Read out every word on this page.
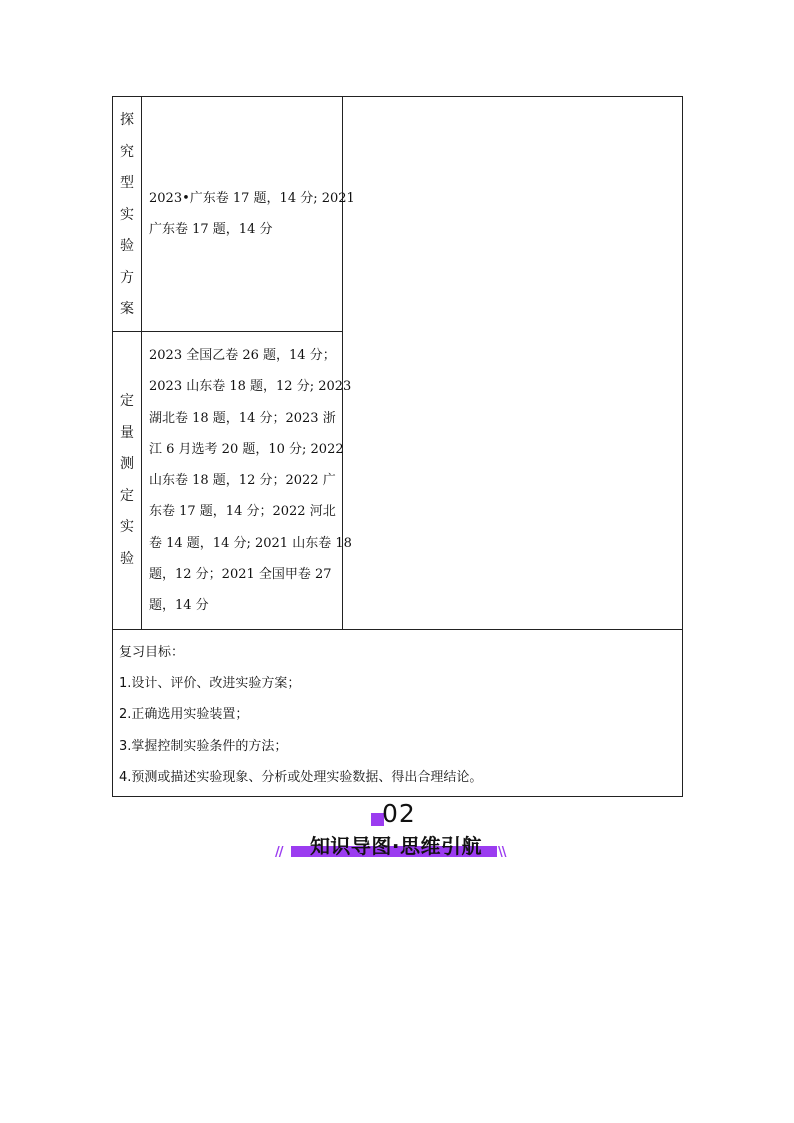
探
究
型
实
验
方
案
2023•广东卷 17 题，14 分; 2021
广东卷 17 题，14 分
定
量
测
定
实
验
2023 全国乙卷 26 题，14 分；
2023 山东卷 18 题，12 分; 2023
湖北卷 18 题，14 分；2023 浙
江 6 月选考 20 题，10 分; 2022
山东卷 18 题，12 分；2022 广
东卷 17 题，14 分；2022 河北
卷 14 题，14 分; 2021 山东卷 18
题，12 分；2021 全国甲卷 27
题，14 分
复习目标：
1.设计、评价、改进实验方案；
2.正确选用实验装置；
3.掌握控制实验条件的方法；
4.预测或描述实验现象、分析或处理实验数据、得出合理结论。
02
//	知识导图·思维引航	\\
